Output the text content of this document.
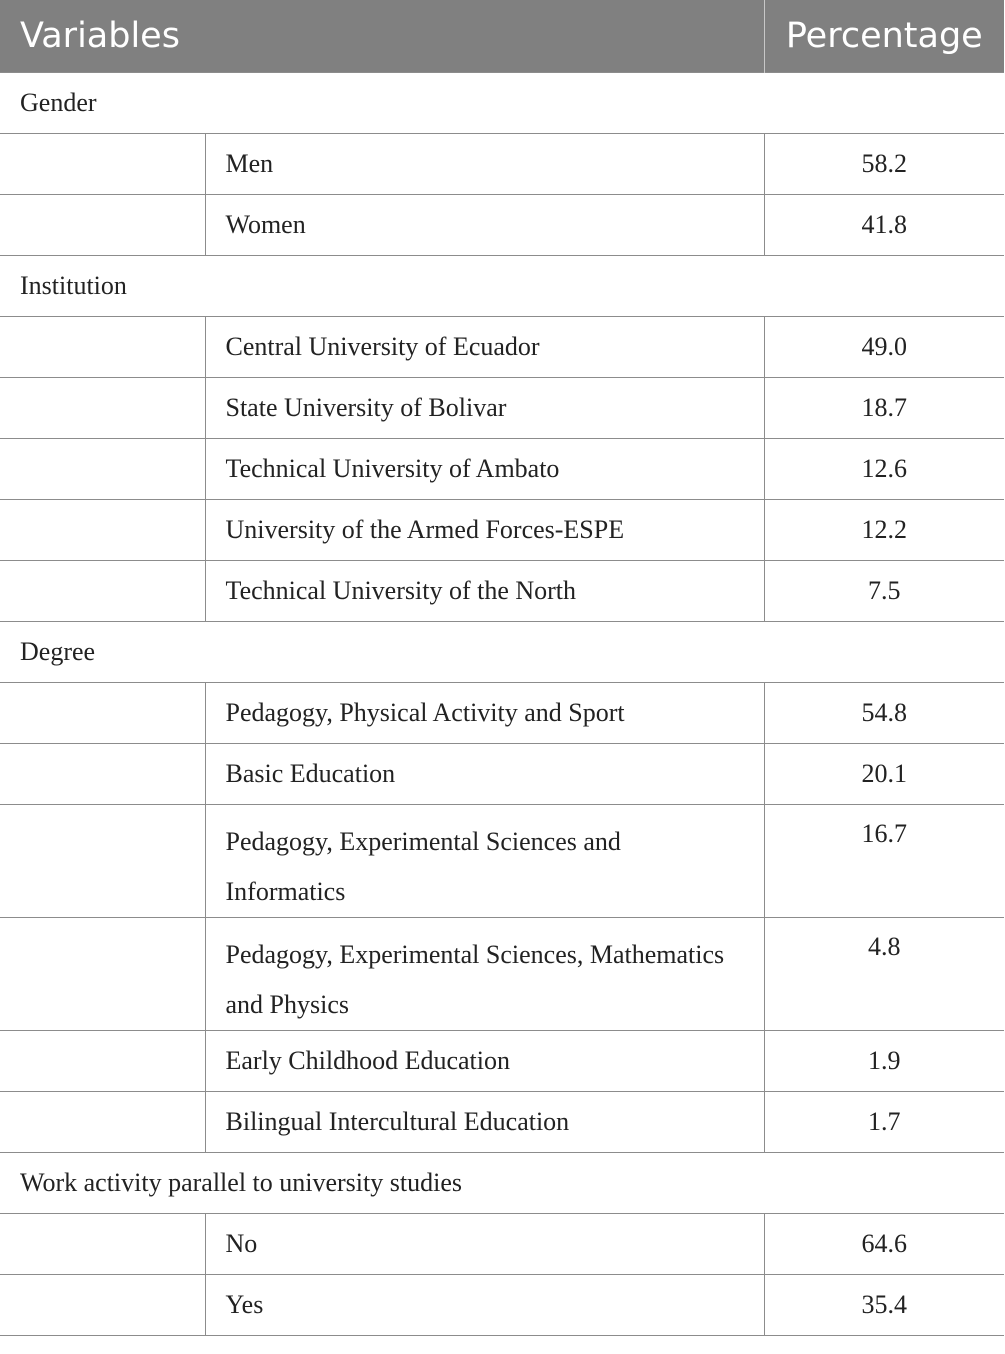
Variables		Percentage
Gender		
	Men	58.2
	Women	41.8
Institution		
	Central University of Ecuador	49.0
	State University of Bolivar	18.7
	Technical University of Ambato	12.6
	University of the Armed Forces-ESPE	12.2
	Technical University of the North	7.5
Degree		
	Pedagogy, Physical Activity and Sport	54.8
	Basic Education	20.1
	Pedagogy, Experimental Sciences and Informatics	16.7
	Pedagogy, Experimental Sciences, Mathematics and Physics	4.8
	Early Childhood Education	1.9
	Bilingual Intercultural Education	1.7
Work activity parallel to university studies		
	No	64.6
	Yes	35.4
